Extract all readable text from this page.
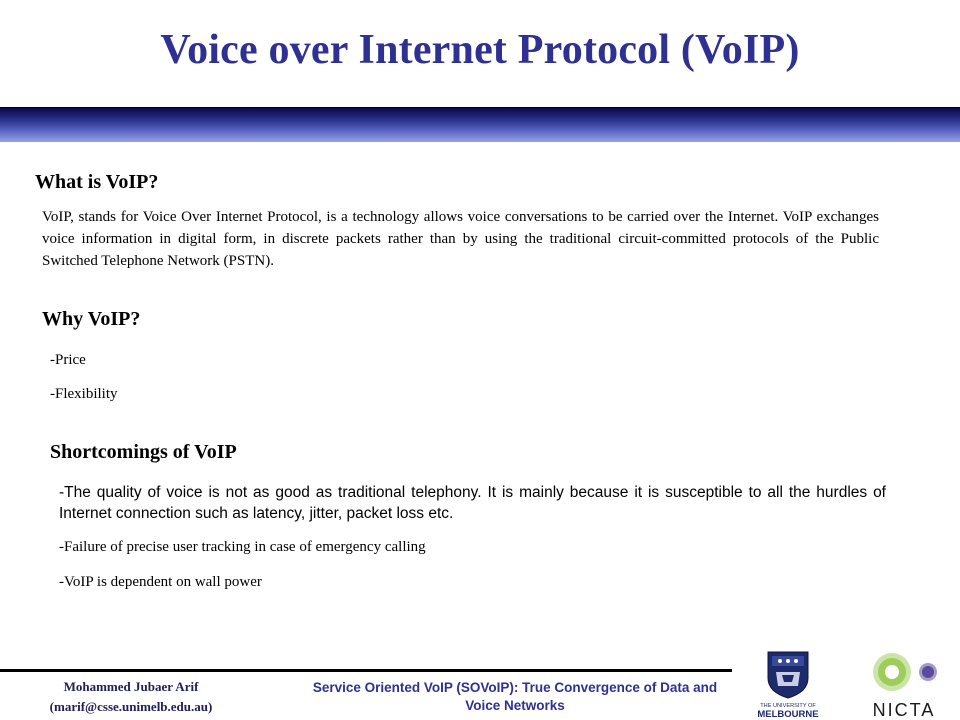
Voice over Internet Protocol (VoIP)
What is VoIP?
VoIP, stands for Voice Over Internet Protocol, is a technology allows voice conversations to be carried over the Internet. VoIP exchanges voice information in digital form, in discrete packets rather than by using the traditional circuit-committed protocols of the Public Switched Telephone Network (PSTN).
Why VoIP?
-Price
-Flexibility
Shortcomings of VoIP
-The quality of voice is not as good as traditional telephony. It is mainly because it is susceptible to all the hurdles of Internet connection such as latency, jitter, packet loss etc.
-Failure of precise user tracking in case of emergency calling
-VoIP is dependent on wall power
Mohammed Jubaer Arif
(marif@csse.unimelb.edu.au)
Service Oriented VoIP (SOVoIP): True Convergence of Data and Voice Networks	THE UNIVERSITY OF
MELBOURNE	NICTA
